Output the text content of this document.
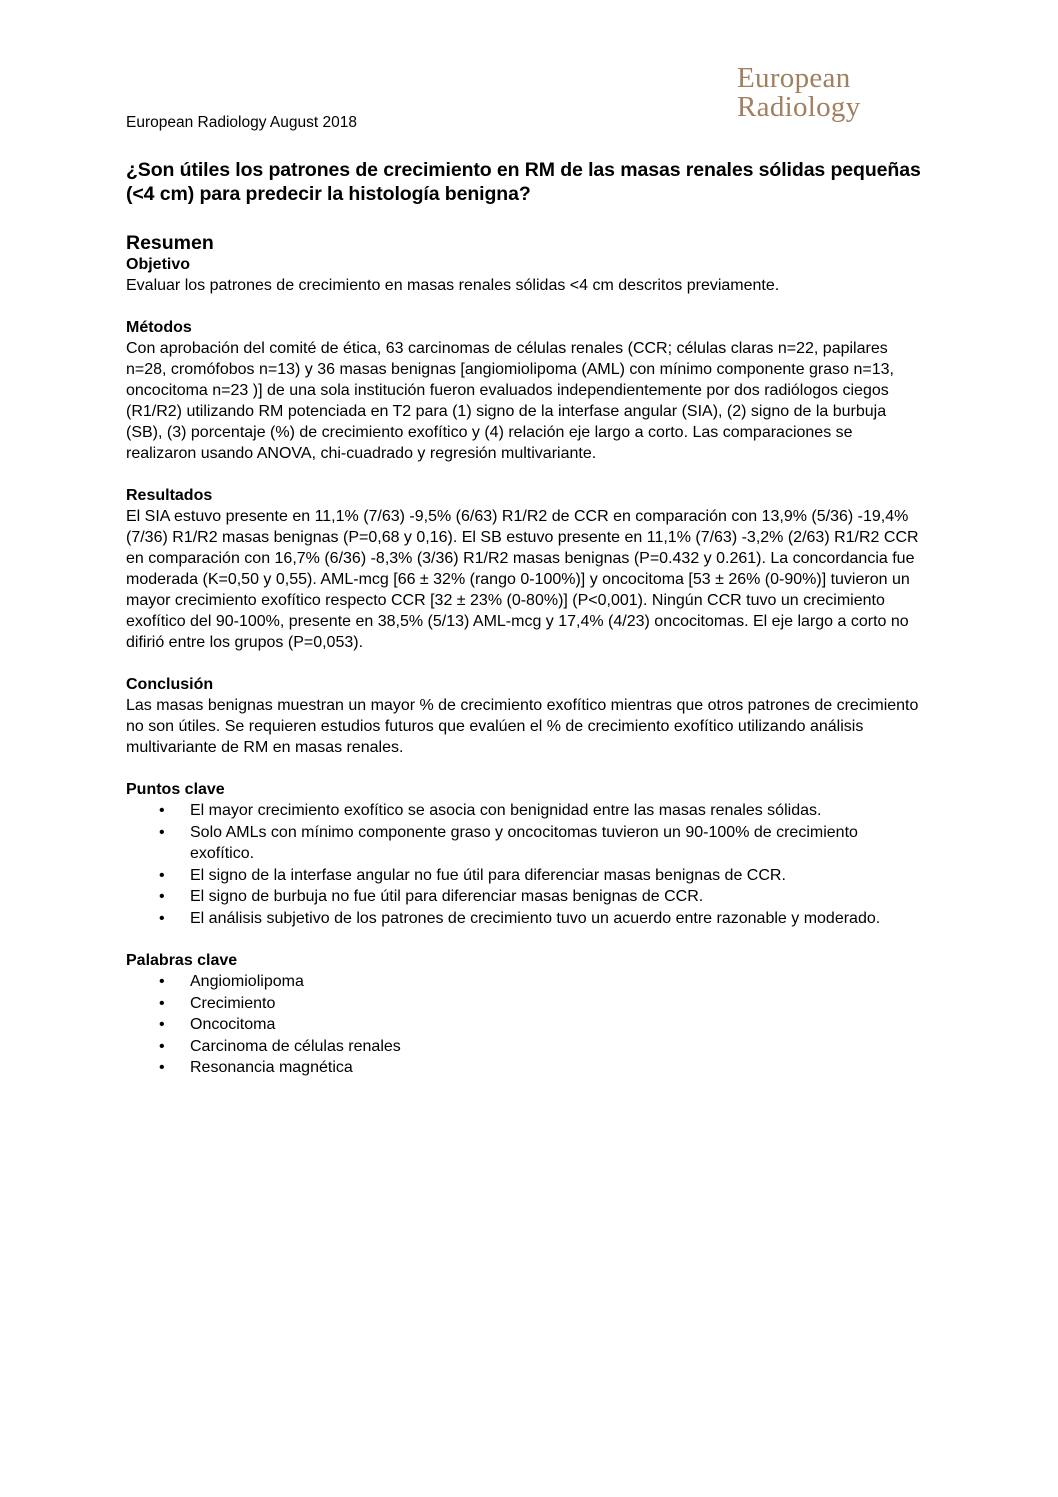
European
Radiology
European Radiology August 2018
¿Son útiles los patrones de crecimiento en RM de las masas renales sólidas pequeñas (<4 cm) para predecir la histología benigna?
Resumen

Objetivo

Evaluar los patrones de crecimiento en masas renales sólidas <4 cm descritos previamente.

Métodos

Con aprobación del comité de ética, 63 carcinomas de células renales (CCR; células claras n=22, papilares n=28, cromófobos n=13) y 36 masas benignas [angiomiolipoma (AML) con mínimo componente graso n=13, oncocitoma n=23 )] de una sola institución fueron evaluados independientemente por dos radiólogos ciegos (R1/R2) utilizando RM potenciada en T2 para (1) signo de la interfase angular (SIA), (2) signo de la burbuja (SB), (3) porcentaje (%) de crecimiento exofítico y (4) relación eje largo a corto. Las comparaciones se realizaron usando ANOVA, chi-cuadrado y regresión multivariante.

Resultados

El SIA estuvo presente en 11,1% (7/63) -9,5% (6/63) R1/R2 de CCR en comparación con 13,9% (5/36) -19,4% (7/36) R1/R2 masas benignas (P=0,68 y 0,16). El SB estuvo presente en 11,1% (7/63) -3,2% (2/63) R1/R2 CCR en comparación con 16,7% (6/36) -8,3% (3/36) R1/R2 masas benignas (P=0.432 y 0.261). La concordancia fue moderada (K=0,50 y 0,55). AML-mcg [66 ± 32% (rango 0-100%)] y oncocitoma [53 ± 26% (0-90%)] tuvieron un mayor crecimiento exofítico respecto CCR [32 ± 23% (0-80%)] (P<0,001). Ningún CCR tuvo un crecimiento exofítico del 90-100%, presente en 38,5% (5/13) AML-mcg y 17,4% (4/23) oncocitomas. El eje largo a corto no difirió entre los grupos (P=0,053).

Conclusión

Las masas benignas muestran un mayor % de crecimiento exofítico mientras que otros patrones de crecimiento no son útiles. Se requieren estudios futuros que evalúen el % de crecimiento exofítico utilizando análisis multivariante de RM en masas renales.

Puntos clave

• El mayor crecimiento exofítico se asocia con benignidad entre las masas renales sólidas.
• Solo AMLs con mínimo componente graso y oncocitomas tuvieron un 90-100% de crecimiento exofítico.
• El signo de la interfase angular no fue útil para diferenciar masas benignas de CCR.
• El signo de burbuja no fue útil para diferenciar masas benignas de CCR.
• El análisis subjetivo de los patrones de crecimiento tuvo un acuerdo entre razonable y moderado.

Palabras clave

• Angiomiolipoma
• Crecimiento
• Oncocitoma
• Carcinoma de células renales
• Resonancia magnética
